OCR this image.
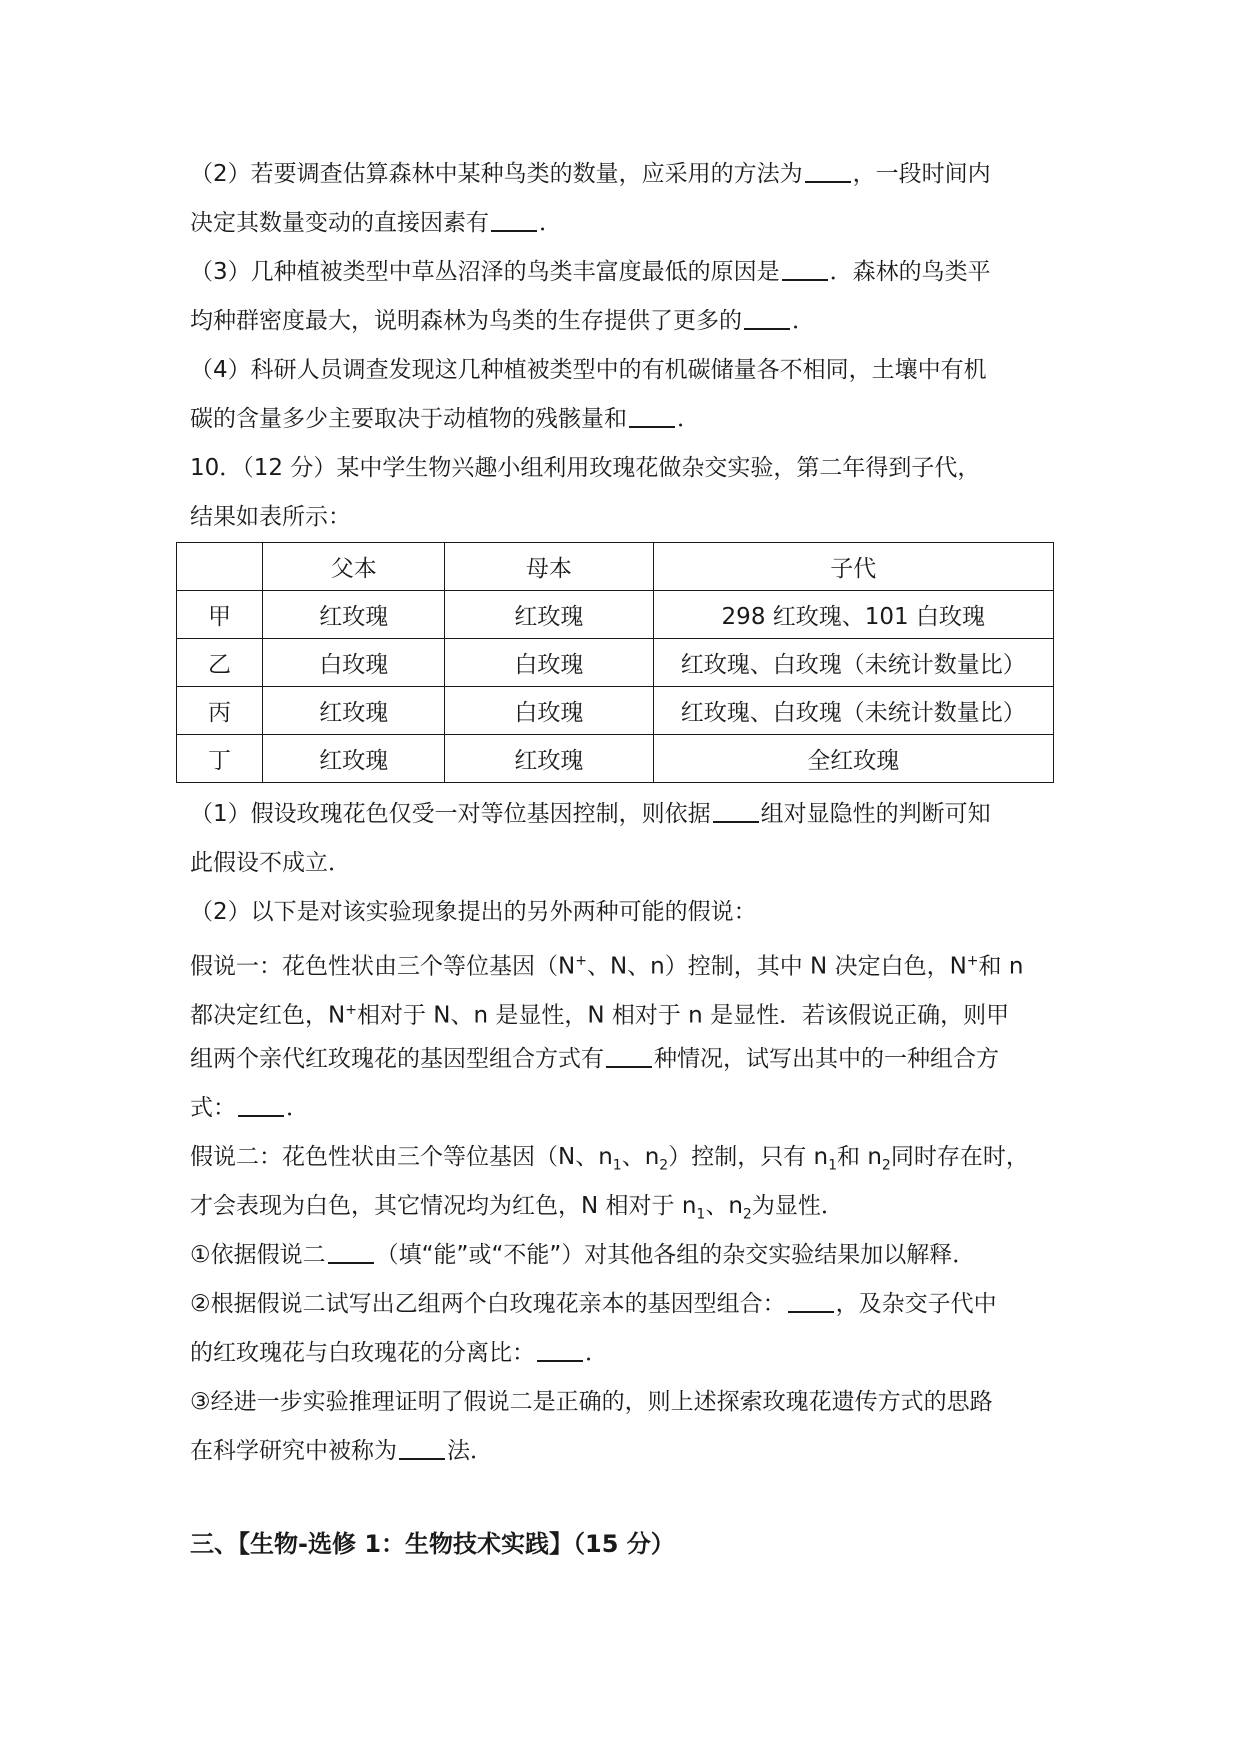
（2）若要调查估算森林中某种鸟类的数量，应采用的方法为 ，一段时间内
决定其数量变动的直接因素有 ．
（3）几种植被类型中草丛沼泽的鸟类丰富度最低的原因是 ．森林的鸟类平
均种群密度最大，说明森林为鸟类的生存提供了更多的 ．
（4）科研人员调查发现这几种植被类型中的有机碳储量各不相同，土壤中有机
碳的含量多少主要取决于动植物的残骸量和 ．
10．（12 分）某中学生物兴趣小组利用玫瑰花做杂交实验，第二年得到子代，
结果如表所示：
	父本	母本	子代
甲	红玫瑰	红玫瑰	298 红玫瑰、101 白玫瑰
乙	白玫瑰	白玫瑰	红玫瑰、白玫瑰（未统计数量比）
丙	红玫瑰	白玫瑰	红玫瑰、白玫瑰（未统计数量比）
丁	红玫瑰	红玫瑰	全红玫瑰
（1）假设玫瑰花色仅受一对等位基因控制，则依据 组对显隐性的判断可知
此假设不成立．
（2）以下是对该实验现象提出的另外两种可能的假说：
假说一：花色性状由三个等位基因（N+、N、n）控制，其中 N 决定白色，N+和 n
都决定红色，N+相对于 N、n 是显性，N 相对于 n 是显性．若该假说正确，则甲
组两个亲代红玫瑰花的基因型组合方式有 种情况，试写出其中的一种组合方
式： ．
假说二：花色性状由三个等位基因（N、$n_1$、$n_2$）控制，只有 $n_1$和 $n_2$同时存在时，
才会表现为白色，其它情况均为红色，N 相对于 $n_1$、$n_2$为显性．
①依据假说二 （填“能”或“不能”）对其他各组的杂交实验结果加以解释．
②根据假说二试写出乙组两个白玫瑰花亲本的基因型组合： ，及杂交子代中
的红玫瑰花与白玫瑰花的分离比： ．
③经进一步实验推理证明了假说二是正确的，则上述探索玫瑰花遗传方式的思路
在科学研究中被称为 法．
三、【生物-选修 1：生物技术实践】（15 分）
